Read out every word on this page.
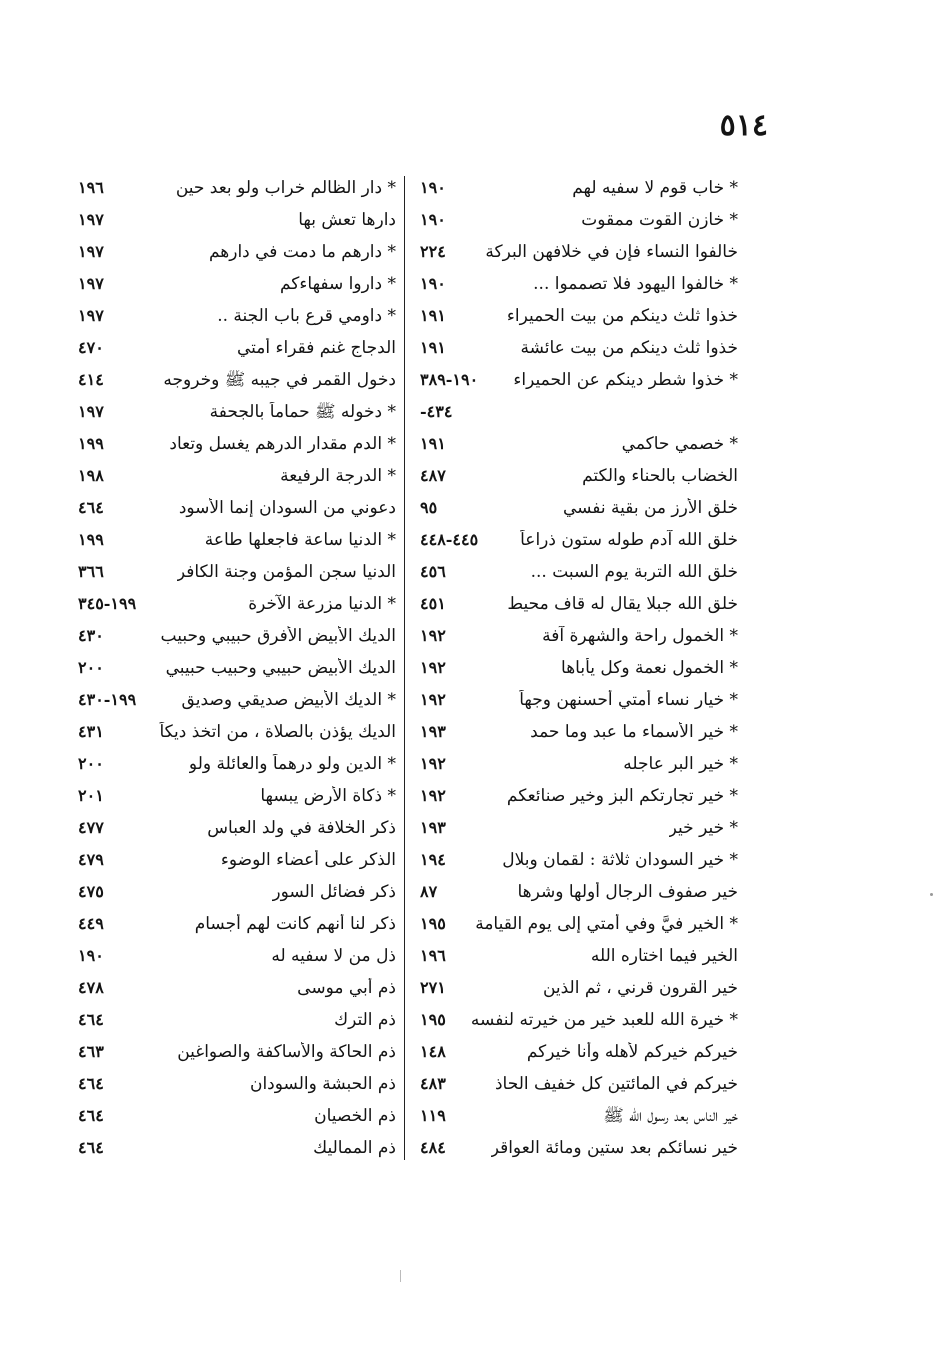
٥١٤
١٩٠	* خاب قوم لا سفيه لهم
١٩٠	* خازن القوت ممقوت
٢٢٤ خالفوا النساء فإن في خلافهن البركة
١٩٠	* خالفوا اليهود فلا تصمموا ...
١٩١	خذوا ثلث دينكم من بيت الحميراء
١٩١	خذوا ثلث دينكم من بيت عائشة
١٩٠-٣٨٩ * خذوا شطر دينكم عن الحميراء
٤٣٤-
١٩١	* خصمي حاكمي
٤٨٧	الخضاب بالحناء والكتم
٩٥	خلق الأرز من بقية نفسي
٤٤٥-٤٤٨ خلق الله آدم طوله ستون ذراعاً
٤٥٦	خلق الله التربة يوم السبت ...
٤٥١	خلق الله جبلا يقال له قاف محيط
١٩٢	* الخمول راحة والشهرة آفة
١٩٢	* الخمول نعمة وكل يأباها
١٩٢	* خيار نساء أمتي أحسنهن وجهاً
١٩٣	* خير الأسماء ما عبد وما حمد
١٩٢	* خير البر عاجله
١٩٢	* خير تجارتكم البز وخير صنائعكم
١٩٣	* خير خير
١٩٤	* خير السودان ثلاثة : لقمان وبلال
٨٧	خير صفوف الرجال أولها وشرها
١٩٥ * الخير فيَّ وفي أمتي إلى يوم القيامة
١٩٦	الخير فيما اختاره الله
٢٧١	خير القرون قرني ، ثم الذين
١٩٥ * خيرة الله للعبد خير من خيرته لنفسه
١٤٨	خيركم خيركم لأهله وأنا خيركم
٤٨٣	خيركم في المائتين كل خفيف الحاذ
١١٩	خير الناس بعد رسول الله ﷺ
٤٨٤	خير نسائكم بعد ستين ومائة العواقر
١٩٦	* دار الظالم خراب ولو بعد حين
١٩٧	دارها تعش بها
١٩٧	* دارهم ما دمت في دارهم
١٩٧	* داروا سفهاءكم
١٩٧	* داومي قرع باب الجنة ..
٤٧٠	الدجاج غنم فقراء أمتي
٤١٤	دخول القمر في جيبه ﷺ وخروجه
١٩٧	* دخوله ﷺ حماماً بالجحفة
١٩٩	* الدم مقدار الدرهم يغسل وتعاد
١٩٨	* الدرجة الرفيعة
٤٦٤	دعوني من السودان إنما الأسود
١٩٩	* الدنيا ساعة فاجعلها طاعة
٣٦٦	الدنيا سجن المؤمن وجنة الكافر
١٩٩-٣٤٥	* الدنيا مزرعة الآخرة
٤٣٠	الديك الأبيض الأفرق حبيبي وحبيب
٢٠٠	الديك الأبيض حبيبي وحبيب حبيبي
١٩٩-٤٣٠	* الديك الأبيض صديقي وصديق
٤٣١	الديك يؤذن بالصلاة ، من اتخذ ديكاً
٢٠٠	* الدين ولو درهماً والعائلة ولو
٢٠١	* ذكاة الأرض يبسها
٤٧٧	ذكر الخلافة في ولد العباس
٤٧٩	الذكر على أعضاء الوضوء
٤٧٥	ذكر فضائل السور
٤٤٩	ذكر لنا أنهم كانت لهم أجسام
١٩٠	ذل من لا سفيه له
٤٧٨	ذم أبي موسى
٤٦٤	ذم الترك
٤٦٣	ذم الحاكة والأساكفة والصواغين
٤٦٤	ذم الحبشة والسودان
٤٦٤	ذم الخصيان
٤٦٤	ذم المماليك
